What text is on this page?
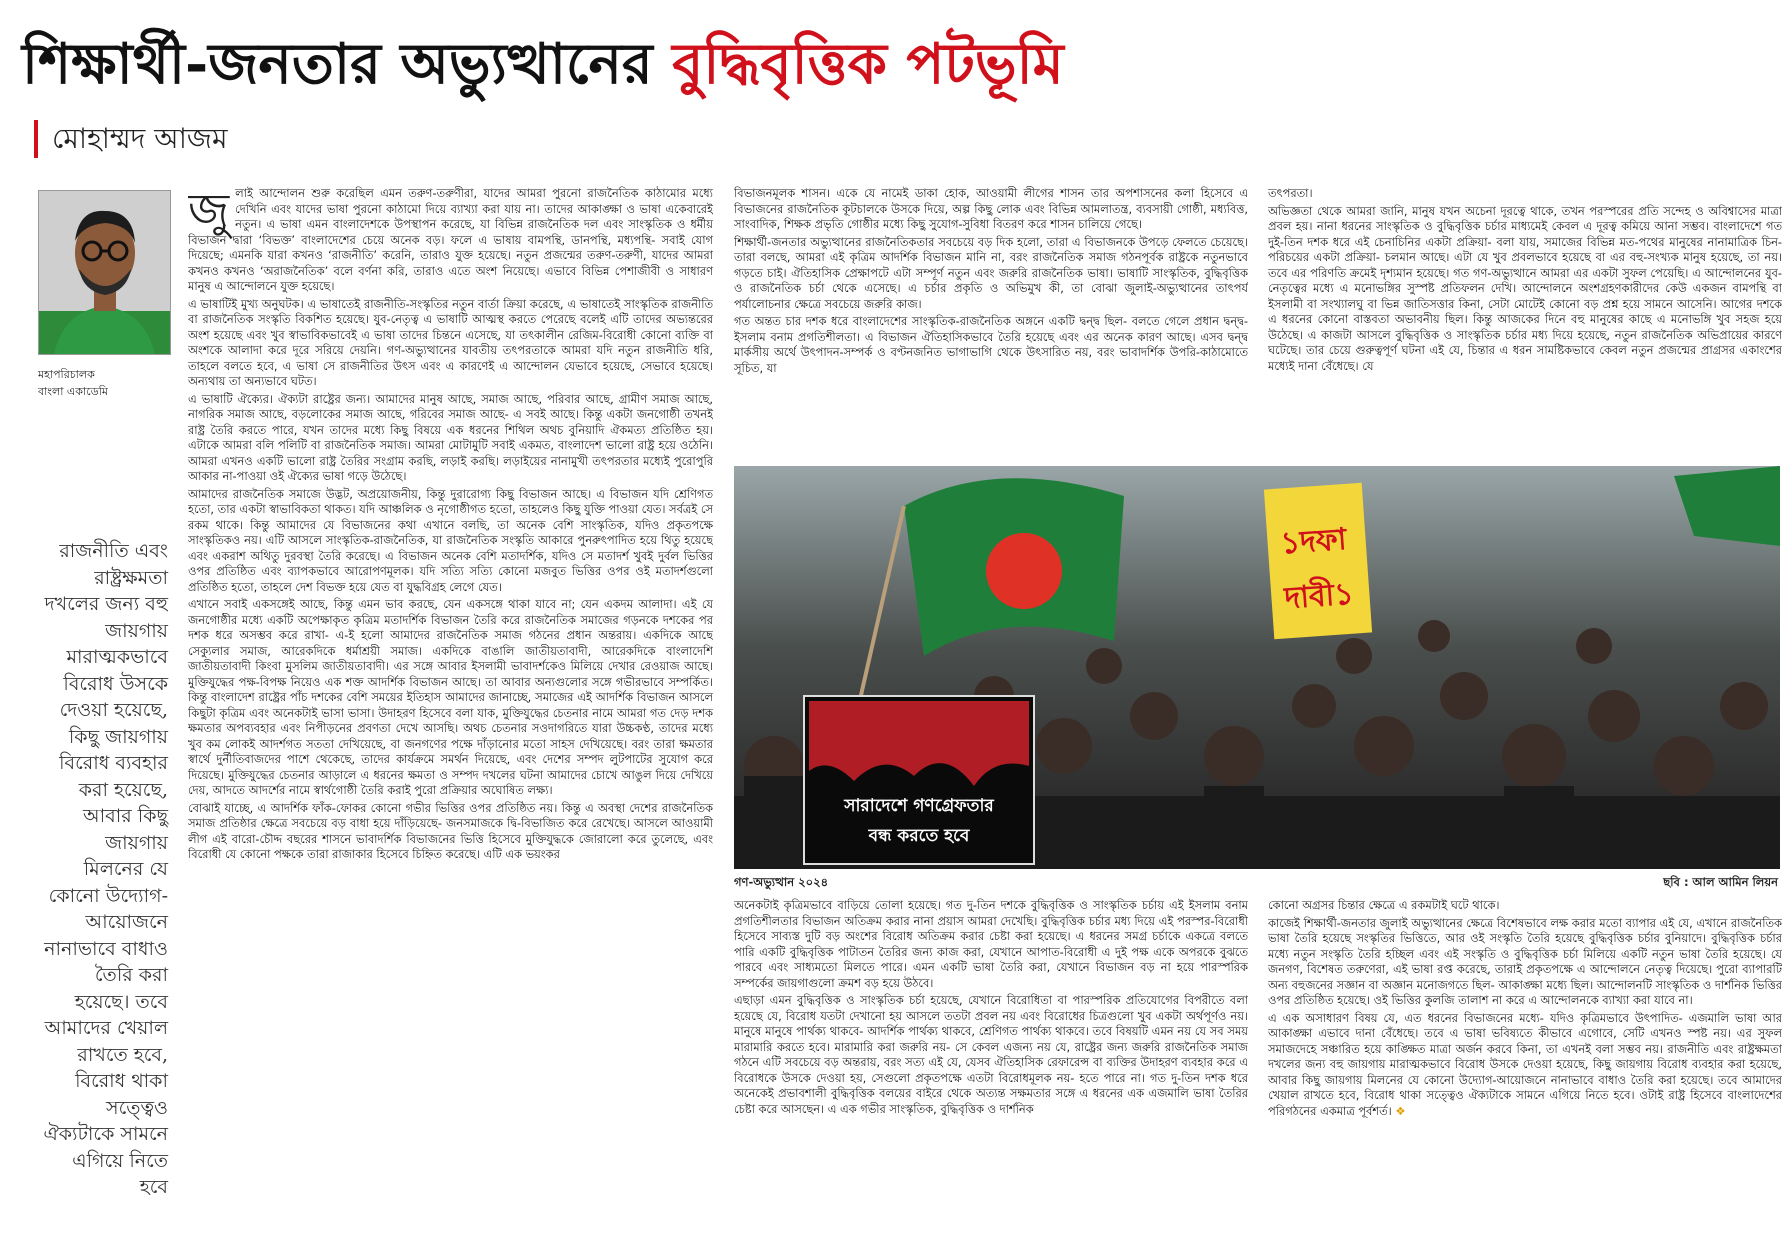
শিক্ষার্থী-জনতার অভ্যুত্থানের বুদ্ধিবৃত্তিক পটভূমি
মোহাম্মদ আজম
মহাপরিচালক
বাংলা একাডেমি
রাজনীতি এবং রাষ্ট্রক্ষমতা দখলের জন্য বহু জায়গায় মারাত্মকভাবে বিরোধ উসকে দেওয়া হয়েছে, কিছু জায়গায় বিরোধ ব্যবহার করা হয়েছে, আবার কিছু জায়গায় মিলনের যে কোনো উদ্যোগ-আয়োজনে নানাভাবে বাধাও তৈরি করা হয়েছে। তবে আমাদের খেয়াল রাখতে হবে, বিরোধ থাকা সত্ত্বেও ঐক্যটাকে সামনে এগিয়ে নিতে হবে

জুলাই আন্দোলন শুরু করেছিল এমন তরুণ-তরুণীরা, যাদের আমরা পুরনো রাজনৈতিক কাঠামোর মধ্যে দেখিনি এবং যাদের ভাষা পুরনো কাঠামো দিয়ে ব্যাখ্যা করা যায় না। তাদের আকাঙ্ক্ষা ও ভাষা একেবারেই নতুন। এ ভাষা এমন বাংলাদেশকে উপস্থাপন করেছে, যা বিভিন্ন রাজনৈতিক দল এবং সাংস্কৃতিক ও ধর্মীয় বিভাজন দ্বারা ‘বিভক্ত’ বাংলাদেশের চেয়ে অনেক বড়। ফলে এ ভাষায় বামপন্থি, ডানপন্থি, মধ্যপন্থি- সবাই যোগ দিয়েছে; এমনকি যারা কখনও ‘রাজনীতি’ করেনি, তারাও যুক্ত হয়েছে। নতুন প্রজন্মের তরুণ-তরুণী, যাদের আমরা কখনও কখনও ‘অরাজনৈতিক’ বলে বর্ণনা করি, তারাও এতে অংশ নিয়েছে। এভাবে বিভিন্ন পেশাজীবী ও সাধারণ মানুষ এ আন্দোলনে যুক্ত হয়েছে।

এ ভাষাটিই মুখ্য অনুঘটক। এ ভাষাতেই রাজনীতি-সংস্কৃতির নতুন বার্তা ক্রিয়া করেছে, এ ভাষাতেই সাংস্কৃতিক রাজনীতি বা রাজনৈতিক সংস্কৃতি বিকশিত হয়েছে। যুব-নেতৃত্ব এ ভাষাটি আত্মস্থ করতে পেরেছে বলেই এটি তাদের অভ্যন্তরের অংশ হয়েছে এবং খুব স্বাভাবিকভাবেই এ ভাষা তাদের চিন্তনে এসেছে, যা তৎকালীন রেজিম-বিরোধী কোনো ব্যক্তি বা অংশকে আলাদা করে দূরে সরিয়ে দেয়নি। গণ-অভ্যুত্থানের যাবতীয় তৎপরতাকে আমরা যদি নতুন রাজনীতি ধরি, তাহলে বলতে হবে, এ ভাষা সে রাজনীতির উৎস এবং এ কারণেই এ আন্দোলন যেভাবে হয়েছে, সেভাবে হয়েছে। অন্যথায় তা অন্যভাবে ঘটত।

এ ভাষাটি ঐক্যের। ঐক্যটা রাষ্ট্রের জন্য। আমাদের মানুষ আছে, সমাজ আছে, পরিবার আছে, গ্রামীণ সমাজ আছে, নাগরিক সমাজ আছে, বড়লোকের সমাজ আছে, গরিবের সমাজ আছে- এ সবই আছে। কিন্তু একটা জনগোষ্ঠী তখনই রাষ্ট্র তৈরি করতে পারে, যখন তাদের মধ্যে কিছু বিষয়ে এক ধরনের শিথিল অথচ বুনিয়াদি ঐকমত্য প্রতিষ্ঠিত হয়। এটাকে আমরা বলি পলিটি বা রাজনৈতিক সমাজ। আমরা মোটামুটি সবাই একমত, বাংলাদেশ ভালো রাষ্ট্র হয়ে ওঠেনি। আমরা এখনও একটি ভালো রাষ্ট্র তৈরির সংগ্রাম করছি, লড়াই করছি। লড়াইয়ের নানামুখী তৎপরতার মধ্যেই পুরোপুরি আকার না-পাওয়া ওই ঐক্যের ভাষা গড়ে উঠেছে।

আমাদের রাজনৈতিক সমাজে উদ্ভট, অপ্রয়োজনীয়, কিন্তু দুরারোগ্য কিছু বিভাজন আছে। এ বিভাজন যদি শ্রেণিগত হতো, তার একটা স্বাভাবিকতা থাকত। যদি আঞ্চলিক ও নৃগোষ্ঠীগত হতো, তাহলেও কিছু যুক্তি পাওয়া যেত। সর্বত্রই সে রকম থাকে। কিন্তু আমাদের যে বিভাজনের কথা এখানে বলছি, তা অনেক বেশি সাংস্কৃতিক, যদিও প্রকৃতপক্ষে সাংস্কৃতিকও নয়। এটি আসলে সাংস্কৃতিক-রাজনৈতিক, যা রাজনৈতিক সংস্কৃতি আকারে পুনরুৎপাদিত হয়ে থিতু হয়েছে এবং একরাশ অথিতু দুরবস্থা তৈরি করেছে। এ বিভাজন অনেক বেশি মতাদর্শিক, যদিও সে মতাদর্শ খুবই দুর্বল ভিত্তির ওপর প্রতিষ্ঠিত এবং ব্যাপকভাবে আরোপণমূলক। যদি সত্যি সত্যি কোনো মজবুত ভিত্তির ওপর ওই মতাদর্শগুলো প্রতিষ্ঠিত হতো, তাহলে দেশ বিভক্ত হয়ে যেত বা যুদ্ধবিগ্রহ লেগে যেত।

এখানে সবাই একসঙ্গেই আছে, কিন্তু এমন ভাব করছে, যেন একসঙ্গে থাকা যাবে না; যেন একদম আলাদা। এই যে জনগোষ্ঠীর মধ্যে একটি অপেক্ষাকৃত কৃত্রিম মতাদর্শিক বিভাজন তৈরি করে রাজনৈতিক সমাজের গড়নকে দশকের পর দশক ধরে অসম্ভব করে রাখা- এ-ই হলো আমাদের রাজনৈতিক সমাজ গঠনের প্রধান অন্তরায়। একদিকে আছে সেক্যুলার সমাজ, আরেকদিকে ধর্মাশ্রয়ী সমাজ। একদিকে বাঙালি জাতীয়তাবাদী, আরেকদিকে বাংলাদেশি জাতীয়তাবাদী কিংবা মুসলিম জাতীয়তাবাদী। এর সঙ্গে আবার ইসলামী ভাবাদর্শকেও মিলিয়ে দেখার রেওয়াজ আছে। মুক্তিযুদ্ধের পক্ষ-বিপক্ষ নিয়েও এক শক্ত আদর্শিক বিভাজন আছে। তা আবার অন্যগুলোর সঙ্গে গভীরভাবে সম্পর্কিত। কিন্তু বাংলাদেশ রাষ্ট্রের পাঁচ দশকের বেশি সময়ের ইতিহাস আমাদের জানাচ্ছে, সমাজের এই আদর্শিক বিভাজন আসলে কিছুটা কৃত্রিম এবং অনেকটাই ভাসা ভাসা। উদাহরণ হিসেবে বলা যাক, মুক্তিযুদ্ধের চেতনার নামে আমরা গত দেড় দশক ক্ষমতার অপব্যবহার এবং নিপীড়নের প্রবণতা দেখে আসছি। অথচ চেতনার সওদাগরিতে যারা উচ্চকণ্ঠ, তাদের মধ্যে খুব কম লোকই আদর্শগত সততা দেখিয়েছে, বা জনগণের পক্ষে দাঁড়ানোর মতো সাহস দেখিয়েছে। বরং তারা ক্ষমতার স্বার্থে দুর্নীতিবাজদের পাশে থেকেছে, তাদের কার্যক্রমে সমর্থন দিয়েছে, এবং দেশের সম্পদ লুটপাটের সুযোগ করে দিয়েছে। মুক্তিযুদ্ধের চেতনার আড়ালে এ ধরনের ক্ষমতা ও সম্পদ দখলের ঘটনা আমাদের চোখে আঙুল দিয়ে দেখিয়ে দেয়, আদতে আদর্শের নামে স্বার্থগোষ্ঠী তৈরি করাই পুরো প্রক্রিয়ার অঘোষিত লক্ষ্য।

বোঝাই যাচ্ছে, এ আদর্শিক ফাঁক-ফোকর কোনো গভীর ভিত্তির ওপর প্রতিষ্ঠিত নয়। কিন্তু এ অবস্থা দেশের রাজনৈতিক সমাজ প্রতিষ্ঠার ক্ষেত্রে সবচেয়ে বড় বাধা হয়ে দাঁড়িয়েছে- জনসমাজকে দ্বি-বিভাজিত করে রেখেছে। আসলে আওয়ামী লীগ এই বারো-চৌদ্দ বছরের শাসনে ভাবাদর্শিক বিভাজনের ভিত্তি হিসেবে মুক্তিযুদ্ধকে জোরালো করে তুলেছে, এবং বিরোধী যে কোনো পক্ষকে তারা রাজাকার হিসেবে চিহ্নিত করেছে। এটি এক ভয়ংকর

বিভাজনমূলক শাসন। একে যে নামেই ডাকা হোক, আওয়ামী লীগের শাসন তার অপশাসনের কলা হিসেবে এ বিভাজনের রাজনৈতিক কূটচালকে উসকে দিয়ে, অল্প কিছু লোক এবং বিভিন্ন আমলাতন্ত্র, ব্যবসায়ী গোষ্ঠী, মধ্যবিত্ত, সাংবাদিক, শিক্ষক প্রভৃতি গোষ্ঠীর মধ্যে কিছু সুযোগ-সুবিধা বিতরণ করে শাসন চালিয়ে গেছে।

শিক্ষার্থী-জনতার অভ্যুত্থানের রাজনৈতিকতার সবচেয়ে বড় দিক হলো, তারা এ বিভাজনকে উপড়ে ফেলতে চেয়েছে। তারা বলছে, আমরা এই কৃত্রিম আদর্শিক বিভাজন মানি না, বরং রাজনৈতিক সমাজ গঠনপূর্বক রাষ্ট্রকে নতুনভাবে গড়তে চাই। ঐতিহাসিক প্রেক্ষাপটে এটা সম্পূর্ণ নতুন এবং জরুরি রাজনৈতিক ভাষা। ভাষাটি সাংস্কৃতিক, বুদ্ধিবৃত্তিক ও রাজনৈতিক চর্চা থেকে এসেছে। এ চর্চার প্রকৃতি ও অভিমুখ কী, তা বোঝা জুলাই-অভ্যুত্থানের তাৎপর্য পর্যালোচনার ক্ষেত্রে সবচেয়ে জরুরি কাজ।

গত অন্তত চার দশক ধরে বাংলাদেশের সাংস্কৃতিক-রাজনৈতিক অঙ্গনে একটি দ্বন্দ্ব ছিল- বলতে গেলে প্রধান দ্বন্দ্ব- ইসলাম বনাম প্রগতিশীলতা। এ বিভাজন ঐতিহাসিকভাবে তৈরি হয়েছে এবং এর অনেক কারণ আছে। এসব দ্বন্দ্ব মার্কসীয় অর্থে উৎপাদন-সম্পর্ক ও বণ্টনজনিত ভাগাভাগি থেকে উৎসারিত নয়, বরং ভাবাদর্শিক উপরি-কাঠামোতে সূচিত, যা

তৎপরতা।

অভিজ্ঞতা থেকে আমরা জানি, মানুষ যখন অচেনা দূরত্বে থাকে, তখন পরস্পরের প্রতি সন্দেহ ও অবিশ্বাসের মাত্রা প্রবল হয়। নানা ধরনের সাংস্কৃতিক ও বুদ্ধিবৃত্তিক চর্চার মাধ্যমেই কেবল এ দূরত্ব কমিয়ে আনা সম্ভব। বাংলাদেশে গত দুই-তিন দশক ধরে এই চেনাচিনির একটা প্রক্রিয়া- বলা যায়, সমাজের বিভিন্ন মত-পথের মানুষের নানামাত্রিক চিন-পরিচয়ের একটা প্রক্রিয়া- চলমান আছে। এটা যে খুব প্রবলভাবে হয়েছে বা এর বহু-সংখ্যক মানুষ হয়েছে, তা নয়। তবে এর পরিণতি ক্রমেই দৃশ্যমান হয়েছে। গত গণ-অভ্যুত্থানে আমরা এর একটা সুফল পেয়েছি। এ আন্দোলনের যুব-নেতৃত্বের মধ্যে এ মনোভঙ্গির সুস্পষ্ট প্রতিফলন দেখি। আন্দোলনে অংশগ্রহণকারীদের কেউ একজন বামপন্থি বা ইসলামী বা সংখ্যালঘু বা ভিন্ন জাতিসত্তার কিনা, সেটা মোটেই কোনো বড় প্রশ্ন হয়ে সামনে আসেনি। আগের দশকে এ ধরনের কোনো বাস্তবতা অভাবনীয় ছিল। কিন্তু আজকের দিনে বহু মানুষের কাছে এ মনোভঙ্গি খুব সহজ হয়ে উঠেছে। এ কাজটা আসলে বুদ্ধিবৃত্তিক ও সাংস্কৃতিক চর্চার মধ্য দিয়ে হয়েছে, নতুন রাজনৈতিক অভিপ্রায়ের কারণে ঘটেছে। তার চেয়ে গুরুত্বপূর্ণ ঘটনা এই যে, চিন্তার এ ধরন সামষ্টিকভাবে কেবল নতুন প্রজন্মের প্রাগ্রসর একাংশের মধ্যেই দানা বেঁধেছে। যে

১দফা
দাবী১
সারাদেশে গণগ্রেফতার
বন্ধ করতে হবে
গণ-অভ্যুত্থান ২০২৪	ছবি : আল আমিন লিয়ন

অনেকটাই কৃত্রিমভাবে বাড়িয়ে তোলা হয়েছে। গত দু-তিন দশকে বুদ্ধিবৃত্তিক ও সাংস্কৃতিক চর্চায় এই ইসলাম বনাম প্রগতিশীলতার বিভাজন অতিক্রম করার নানা প্রয়াস আমরা দেখেছি। বুদ্ধিবৃত্তিক চর্চার মধ্য দিয়ে এই পরস্পর-বিরোধী হিসেবে সাব্যস্ত দুটি বড় অংশের বিরোধ অতিক্রম করার চেষ্টা করা হয়েছে। এ ধরনের সমগ্র চর্চাকে একত্রে বলতে পারি একটি বুদ্ধিবৃত্তিক পাটাতন তৈরির জন্য কাজ করা, যেখানে আপাত-বিরোধী এ দুই পক্ষ একে অপরকে বুঝতে পারবে এবং সাধ্যমতো মিলতে পারে। এমন একটি ভাষা তৈরি করা, যেখানে বিভাজন বড় না হয়ে পারস্পরিক সম্পর্কের জায়গাগুলো ক্রমশ বড় হয়ে উঠবে।

এছাড়া এমন বুদ্ধিবৃত্তিক ও সাংস্কৃতিক চর্চা হয়েছে, যেখানে বিরোধিতা বা পারস্পরিক প্রতিযোগের বিপরীতে বলা হয়েছে যে, বিরোধ যতটা দেখানো হয় আসলে ততটা প্রবল নয় এবং বিরোধের চিত্রগুলো খুব একটা অর্থপূর্ণও নয়। মানুষে মানুষে পার্থক্য থাকবে- আদর্শিক পার্থক্য থাকবে, শ্রেণিগত পার্থক্য থাকবে। তবে বিষয়টি এমন নয় যে সব সময় মারামারি করতে হবে। মারামারি করা জরুরি নয়- সে কেবল এজন্য নয় যে, রাষ্ট্রের জন্য জরুরি রাজনৈতিক সমাজ গঠনে এটি সবচেয়ে বড় অন্তরায়, বরং সত্য এই যে, যেসব ঐতিহাসিক রেফারেন্স বা ব্যক্তির উদাহরণ ব্যবহার করে এ বিরোধকে উসকে দেওয়া হয়, সেগুলো প্রকৃতপক্ষে এতটা বিরোধমূলক নয়- হতে পারে না। গত দু-তিন দশক ধরে অনেকেই প্রভাবশালী বুদ্ধিবৃত্তিক বলয়ের বাইরে থেকে অত্যন্ত সক্ষমতার সঙ্গে এ ধরনের এক এজমালি ভাষা তৈরির চেষ্টা করে আসছেন। এ এক গভীর সাংস্কৃতিক, বুদ্ধিবৃত্তিক ও দার্শনিক

কোনো অগ্রসর চিন্তার ক্ষেত্রে এ রকমটাই ঘটে থাকে।

কাজেই শিক্ষার্থী-জনতার জুলাই অভ্যুত্থানের ক্ষেত্রে বিশেষভাবে লক্ষ করার মতো ব্যাপার এই যে, এখানে রাজনৈতিক ভাষা তৈরি হয়েছে সংস্কৃতির ভিত্তিতে, আর ওই সংস্কৃতি তৈরি হয়েছে বুদ্ধিবৃত্তিক চর্চার বুনিয়াদে। বুদ্ধিবৃত্তিক চর্চার মধ্যে নতুন সংস্কৃতি তৈরি হচ্ছিল এবং এই সংস্কৃতি ও বুদ্ধিবৃত্তিক চর্চা মিলিয়ে একটি নতুন ভাষা তৈরি হয়েছে। যে জনগণ, বিশেষত তরুণেরা, এই ভাষা রপ্ত করেছে, তারাই প্রকৃতপক্ষে এ আন্দোলনে নেতৃত্ব দিয়েছে। পুরো ব্যাপারটি অন্য বহুজনের সজ্ঞান বা অজ্ঞান মনোজগতে ছিল- আকাঙ্ক্ষা মধ্যে ছিল। আন্দোলনটি সাংস্কৃতিক ও দার্শনিক ভিত্তির ওপর প্রতিষ্ঠিত হয়েছে। ওই ভিত্তির কুলজি তালাশ না করে এ আন্দোলনকে ব্যাখ্যা করা যাবে না।

এ এক অসাধারণ বিষয় যে, এত ধরনের বিভাজনের মধ্যে- যদিও কৃত্রিমভাবে উৎপাদিত- এজমালি ভাষা আর আকাঙ্ক্ষা এভাবে দানা বেঁধেছে। তবে এ ভাষা ভবিষ্যতে কীভাবে এগোবে, সেটি এখনও স্পষ্ট নয়। এর সুফল সমাজদেহে সঞ্চারিত হয়ে কাঙ্ক্ষিত মাত্রা অর্জন করবে কিনা, তা এখনই বলা সম্ভব নয়। রাজনীতি এবং রাষ্ট্রক্ষমতা দখলের জন্য বহু জায়গায় মারাত্মকভাবে বিরোধ উসকে দেওয়া হয়েছে, কিছু জায়গায় বিরোধ ব্যবহার করা হয়েছে, আবার কিছু জায়গায় মিলনের যে কোনো উদ্যোগ-আয়োজনে নানাভাবে বাধাও তৈরি করা হয়েছে। তবে আমাদের খেয়াল রাখতে হবে, বিরোধ থাকা সত্ত্বেও ঐক্যটাকে সামনে এগিয়ে নিতে হবে। ওটাই রাষ্ট্র হিসেবে বাংলাদেশের পরিগঠনের একমাত্র পূর্বশর্ত। ❖
